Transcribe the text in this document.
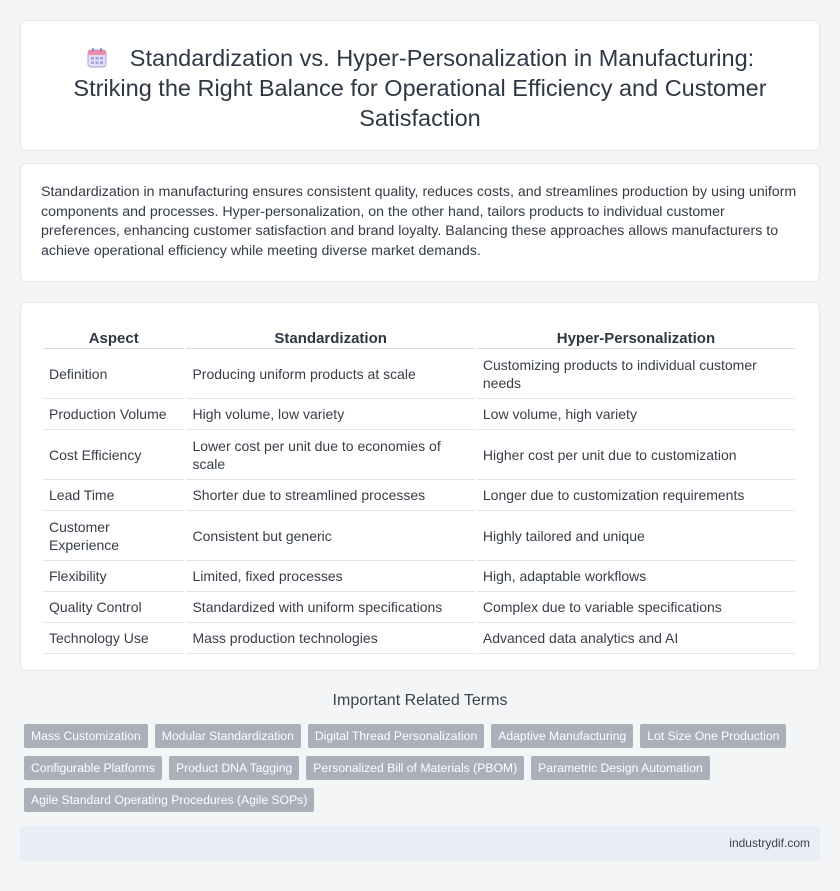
Standardization vs. Hyper-Personalization in Manufacturing: Striking the Right Balance for Operational Efficiency and Customer Satisfaction

Standardization in manufacturing ensures consistent quality, reduces costs, and streamlines production by using uniform components and processes. Hyper-personalization, on the other hand, tailors products to individual customer preferences, enhancing customer satisfaction and brand loyalty. Balancing these approaches allows manufacturers to achieve operational efficiency while meeting diverse market demands.

Aspect	Standardization	Hyper-Personalization
Definition	Producing uniform products at scale	Customizing products to individual customer needs
Production Volume	High volume, low variety	Low volume, high variety
Cost Efficiency	Lower cost per unit due to economies of scale	Higher cost per unit due to customization
Lead Time	Shorter due to streamlined processes	Longer due to customization requirements
Customer Experience	Consistent but generic	Highly tailored and unique
Flexibility	Limited, fixed processes	High, adaptable workflows
Quality Control	Standardized with uniform specifications	Complex due to variable specifications
Technology Use	Mass production technologies	Advanced data analytics and AI
Important Related Terms
Mass Customization	Modular Standardization	Digital Thread Personalization	Adaptive Manufacturing	Lot Size One Production
Configurable Platforms	Product DNA Tagging	Personalized Bill of Materials (PBOM)	Parametric Design Automation
Agile Standard Operating Procedures (Agile SOPs)
industrydif.com
